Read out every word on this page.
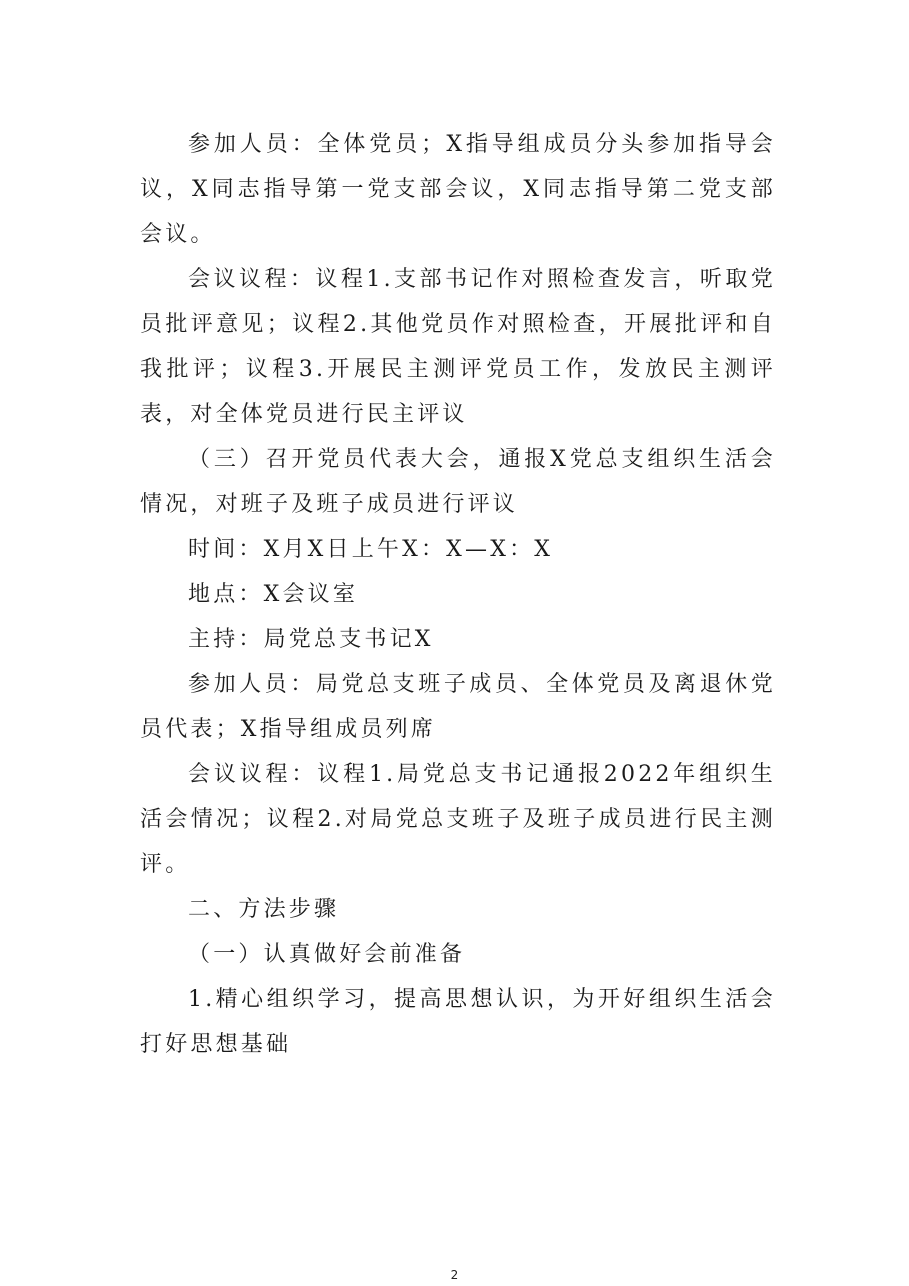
参加人员：全体党员；X指导组成员分头参加指导会议，X同志指导第一党支部会议，X同志指导第二党支部会议。

会议议程：议程1.支部书记作对照检查发言，听取党员批评意见；议程2.其他党员作对照检查，开展批评和自我批评；议程3.开展民主测评党员工作，发放民主测评表，对全体党员进行民主评议

（三）召开党员代表大会，通报X党总支组织生活会情况，对班子及班子成员进行评议

时间：X月X日上午X：X—X：X

地点：X会议室

主持：局党总支书记X

参加人员：局党总支班子成员、全体党员及离退休党员代表；X指导组成员列席

会议议程：议程1.局党总支书记通报2022年组织生活会情况；议程2.对局党总支班子及班子成员进行民主测评。

二、方法步骤

（一）认真做好会前准备

1.精心组织学习，提高思想认识，为开好组织生活会打好思想基础

2
